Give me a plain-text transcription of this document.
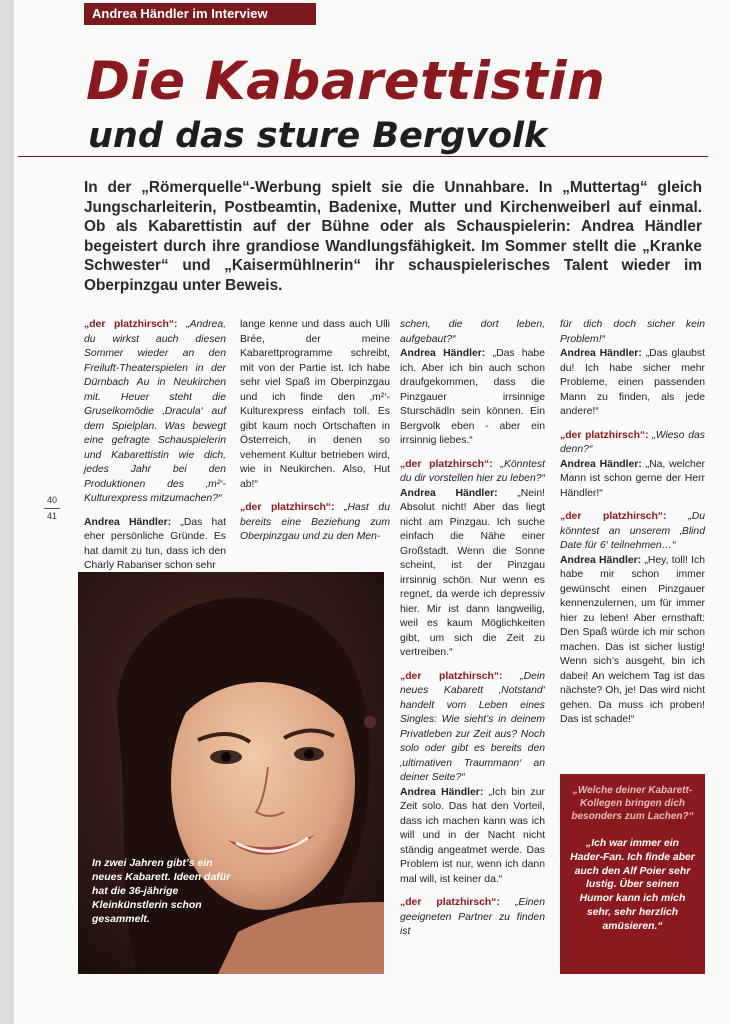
Andrea Händler im Interview
Die Kabarettistin
und das sture Bergvolk

In der „Römerquelle“-Werbung spielt sie die Unnahbare. In „Muttertag“ gleich Jungscharleiterin, Postbeamtin, Badenixe, Mutter und Kirchenweiberl auf einmal. Ob als Kabarettistin auf der Bühne oder als Schauspielerin: Andrea Händler begeistert durch ihre grandiose Wandlungsfähigkeit. Im Sommer stellt die „Kranke Schwester“ und „Kaisermühlnerin“ ihr schauspielerisches Talent wieder im Oberpinzgau unter Beweis.

„der platzhirsch“: „Andrea, du wirkst auch diesen Sommer wieder an den Freiluft-Theaterspielen in der Dürnbach Au in Neukirchen mit. Heuer steht die Gruselkomödie ‚Dracula‘ auf dem Spielplan. Was bewegt eine gefragte Schauspielerin und Kabarettistin wie dich, jedes Jahr bei den Produktionen des ‚m²‘-Kulturexpress mitzumachen?“

Andrea Händler: „Das hat eher persönliche Gründe. Es hat damit zu tun, dass ich den Charly Rabanser schon sehr

40
41

lange kenne und dass auch Ulli Brée, der meine Kabarettprogramme schreibt, mit von der Partie ist. Ich habe sehr viel Spaß im Oberpinzgau und ich finde den ‚m²‘-Kulturexpress einfach toll. Es gibt kaum noch Ortschaften in Österreich, in denen so vehement Kultur betrieben wird, wie in Neukirchen. Also, Hut ab!“

„der platzhirsch“: „Hast du bereits eine Beziehung zum Oberpinzgau und zu den Men-

In zwei Jahren gibt’s ein neues Kabarett. Ideen dafür hat die 36-jährige Kleinkünstlerin schon gesammelt.

schen, die dort leben, aufgebaut?“

Andrea Händler: „Das habe ich. Aber ich bin auch schon draufgekommen, dass die Pinzgauer irrsinnige Sturschädln sein können. Ein Bergvolk eben - aber ein irrsinnig liebes.“

„der platzhirsch“: „Könntest du dir vorstellen hier zu leben?“

Andrea Händler: „Nein! Absolut nicht! Aber das liegt nicht am Pinzgau. Ich suche einfach die Nähe einer Großstadt. Wenn die Sonne scheint, ist der Pinzgau irrsinnig schön. Nur wenn es regnet, da werde ich depressiv hier. Mir ist dann langweilig, weil es kaum Möglichkeiten gibt, um sich die Zeit zu vertreiben.“

„der platzhirsch“: „Dein neues Kabarett ‚Notstand‘ handelt vom Leben eines Singles: Wie sieht’s in deinem Privatleben zur Zeit aus? Noch solo oder gibt es bereits den ‚ultimativen Traummann‘ an deiner Seite?“

Andrea Händler: „Ich bin zur Zeit solo. Das hat den Vorteil, dass ich machen kann was ich will und in der Nacht nicht ständig angeatmet werde. Das Problem ist nur, wenn ich dann mal will, ist keiner da.“

„der platzhirsch“: „Einen geeigneten Partner zu finden ist

für dich doch sicher kein Problem!“

Andrea Händler: „Das glaubst du! Ich habe sicher mehr Probleme, einen passenden Mann zu finden, als jede andere!“

„der platzhirsch“: „Wieso das denn?“

Andrea Händler: „Na, welcher Mann ist schon gerne der Herr Händler!“

„der platzhirsch“: „Du könntest an unserem ‚Blind Date für 6‘ teilnehmen…“

Andrea Händler: „Hey, toll! Ich habe mir schon immer gewünscht einen Pinzgauer kennenzulernen, um für immer hier zu leben! Aber ernsthaft: Den Spaß würde ich mir schon machen. Das ist sicher lustig! Wenn sich’s ausgeht, bin ich dabei! An welchem Tag ist das nächste? Oh, je! Das wird nicht gehen. Da muss ich proben! Das ist schade!“

„Welche deiner Kabarett-Kollegen bringen dich besonders zum Lachen?“

„Ich war immer ein Hader-Fan. Ich finde aber auch den Alf Poier sehr lustig. Über seinen Humor kann ich mich sehr, sehr herzlich amüsieren.“
